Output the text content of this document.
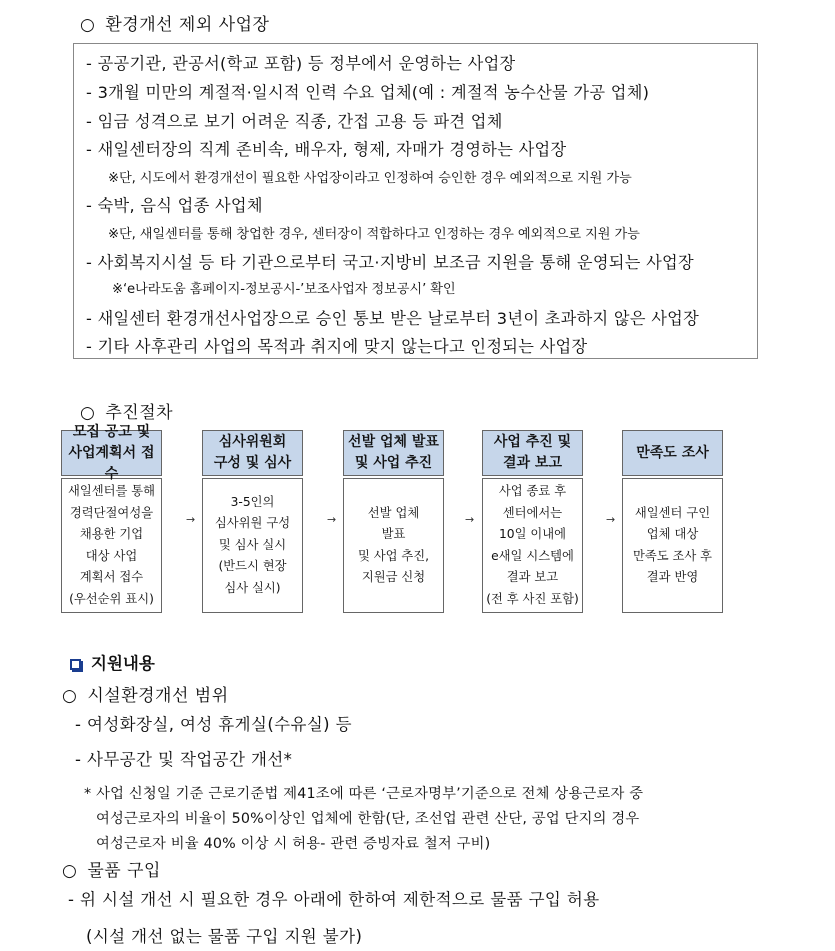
○ 환경개선 제외 사업장
- 공공기관, 관공서(학교 포함) 등 정부에서 운영하는 사업장
- 3개월 미만의 계절적·일시적 인력 수요 업체(예 : 계절적 농수산물 가공 업체)
- 임금 성격으로 보기 어려운 직종, 간접 고용 등 파견 업체
- 새일센터장의 직계 존비속, 배우자, 형제, 자매가 경영하는 사업장
※단, 시도에서 환경개선이 필요한 사업장이라고 인정하여 승인한 경우 예외적으로 지원 가능
- 숙박, 음식 업종 사업체
※단, 새일센터를 통해 창업한 경우, 센터장이 적합하다고 인정하는 경우 예외적으로 지원 가능
- 사회복지시설 등 타 기관으로부터 국고·지방비 보조금 지원을 통해 운영되는 사업장
※‘e나라도움 홈페이지-정보공시-’보조사업자 정보공시’ 확인
- 새일센터 환경개선사업장으로 승인 통보 받은 날로부터 3년이 초과하지 않은 사업장
- 기타 사후관리 사업의 목적과 취지에 맞지 않는다고 인정되는 사업장
○ 추진절차
모집 공고 및
사업계획서 접수
새일센터를 통해
경력단절여성을
채용한 기업
대상 사업
계획서 접수
(우선순위 표시)
→
심사위원회
구성 및 심사
3-5인의
심사위원 구성
및 심사 실시
(반드시 현장
심사 실시)
→
선발 업체 발표
및 사업 추진
선발 업체
발표
및 사업 추진,
지원금 신청
→
사업 추진 및
결과 보고
사업 종료 후
센터에서는
10일 이내에
e새일 시스템에
결과 보고
(전 후 사진 포함)
→
만족도 조사
새일센터 구인
업체 대상
만족도 조사 후
결과 반영
지원내용
○ 시설환경개선 범위
- 여성화장실, 여성 휴게실(수유실) 등
- 사무공간 및 작업공간 개선*
* 사업 신청일 기준 근로기준법 제41조에 따른 ‘근로자명부’기준으로 전체 상용근로자 중
여성근로자의 비율이 50%이상인 업체에 한함(단, 조선업 관련 산단, 공업 단지의 경우
여성근로자 비율 40% 이상 시 허용- 관련 증빙자료 철저 구비)
○ 물품 구입
- 위 시설 개선 시 필요한 경우 아래에 한하여 제한적으로 물품 구입 허용
(시설 개선 없는 물품 구입 지원 불가)
